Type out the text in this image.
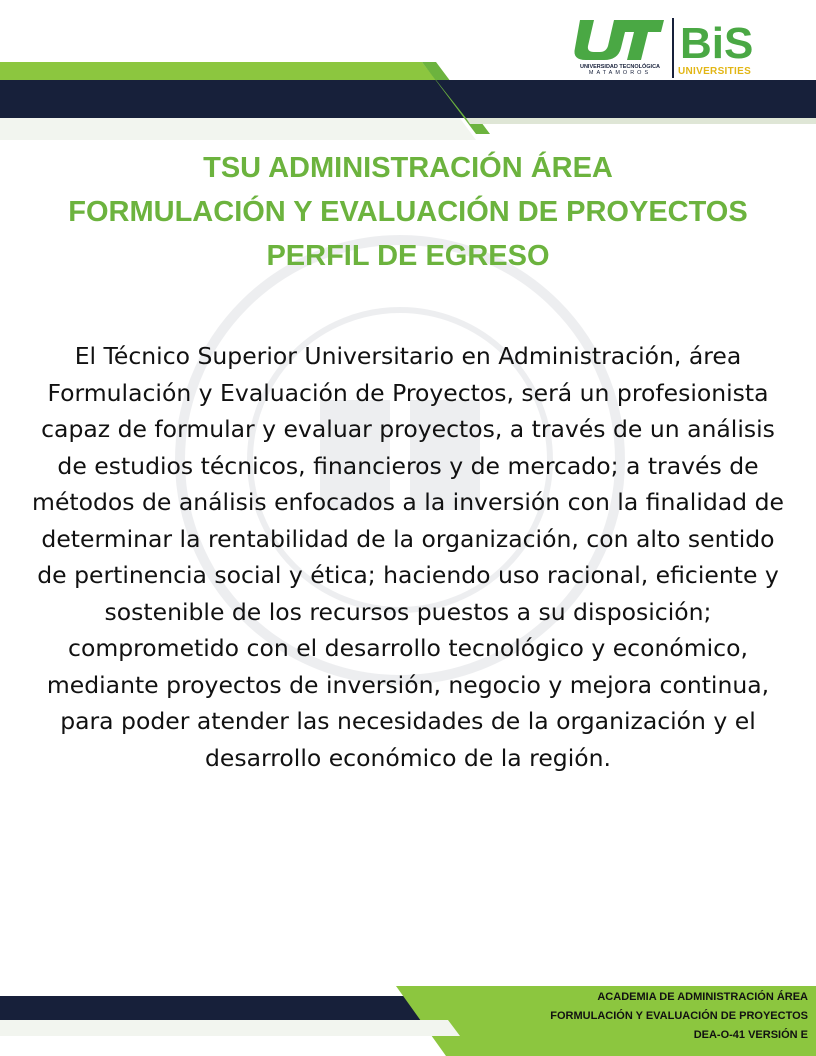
UNIVERSIDAD TECNOLÓGICA
MATAMOROS
BiS
UNIVERSITIES
TSU ADMINISTRACIÓN ÁREA
FORMULACIÓN Y EVALUACIÓN DE PROYECTOS
PERFIL DE EGRESO

El Técnico Superior Universitario en Administración, área Formulación y Evaluación de Proyectos, será un profesionista capaz de formular y evaluar proyectos, a través de un análisis de estudios técnicos, financieros y de mercado; a través de métodos de análisis enfocados a la inversión con la finalidad de determinar la rentabilidad de la organización, con alto sentido de pertinencia social y ética; haciendo uso racional, eficiente y sostenible de los recursos puestos a su disposición; comprometido con el desarrollo tecnológico y económico, mediante proyectos de inversión, negocio y mejora continua, para poder atender las necesidades de la organización y el desarrollo económico de la región.

ACADEMIA DE ADMINISTRACIÓN ÁREA
FORMULACIÓN Y EVALUACIÓN DE PROYECTOS
DEA-O-41 VERSIÓN E
